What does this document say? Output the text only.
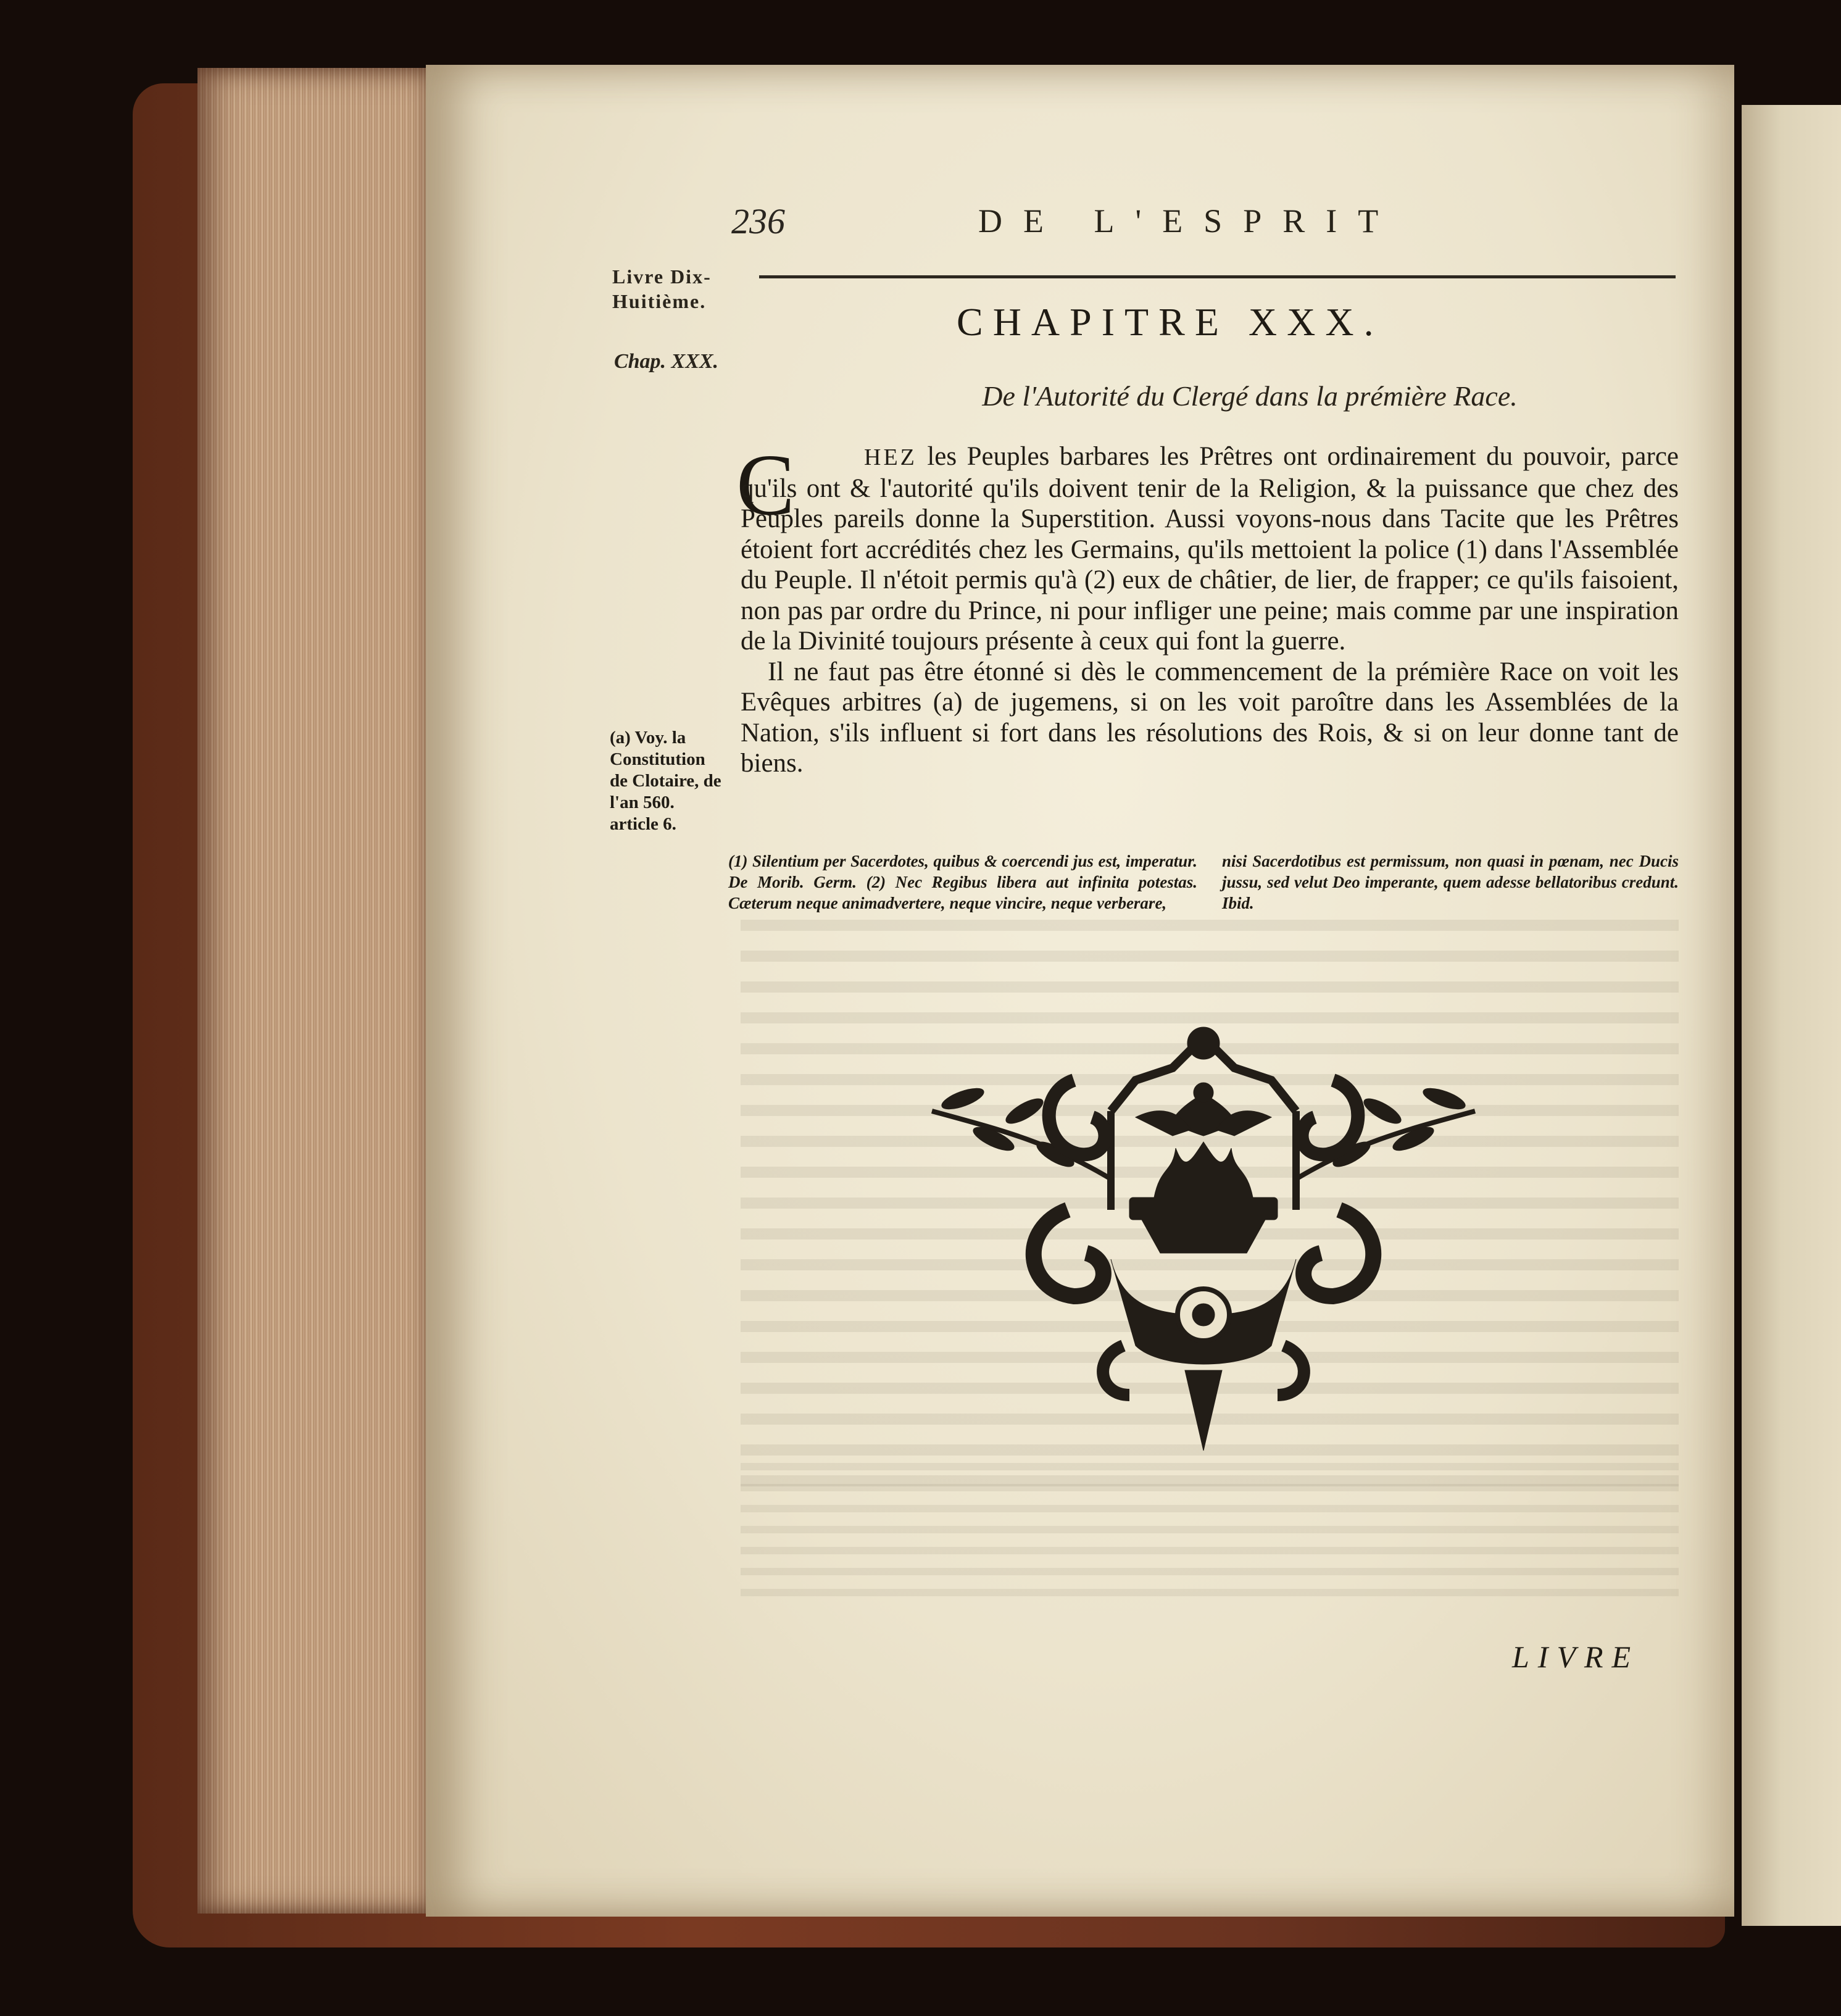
236	DE L'ESPRIT
Livre Dix-Huitième.
Chap. XXX.
CHAPITRE XXX.
De l'Autorité du Clergé dans la prémière Race.
C	HEZ les Peuples barbares les Prêtres ont ordinairement du pouvoir, parce qu'ils ont & l'autorité qu'ils doivent tenir de la Religion, & la puissance que chez des Peuples pareils donne la Superstition. Aussi voyons-nous dans Tacite que les Prêtres étoient fort accrédités chez les Germains, qu'ils mettoient la police (1) dans l'Assemblée du Peuple. Il n'étoit permis qu'à (2) eux de châtier, de lier, de frapper; ce qu'ils faisoient, non pas par ordre du Prince, ni pour infliger une peine; mais comme par une inspiration de la Divinité toujours présente à ceux qui font la guerre.

Il ne faut pas être étonné si dès le commencement de la prémière Race on voit les Evêques arbitres (a) de jugemens, si on les voit paroître dans les Assemblées de la Nation, s'ils influent si fort dans les résolutions des Rois, & si on leur donne tant de biens.

(a) Voy. la Constitution de Clotaire, de l'an 560. article 6.
(1) Silentium per Sacerdotes, quibus & coercendi jus est, imperatur. De Morib. Germ. (2) Nec Regibus libera aut infinita potestas. Cæterum neque animadvertere, neque vincire, neque verberare,
nisi Sacerdotibus est permissum, non quasi in pœnam, nec Ducis jussu, sed velut Deo imperante, quem adesse bellatoribus credunt. Ibid.
LIVRE
